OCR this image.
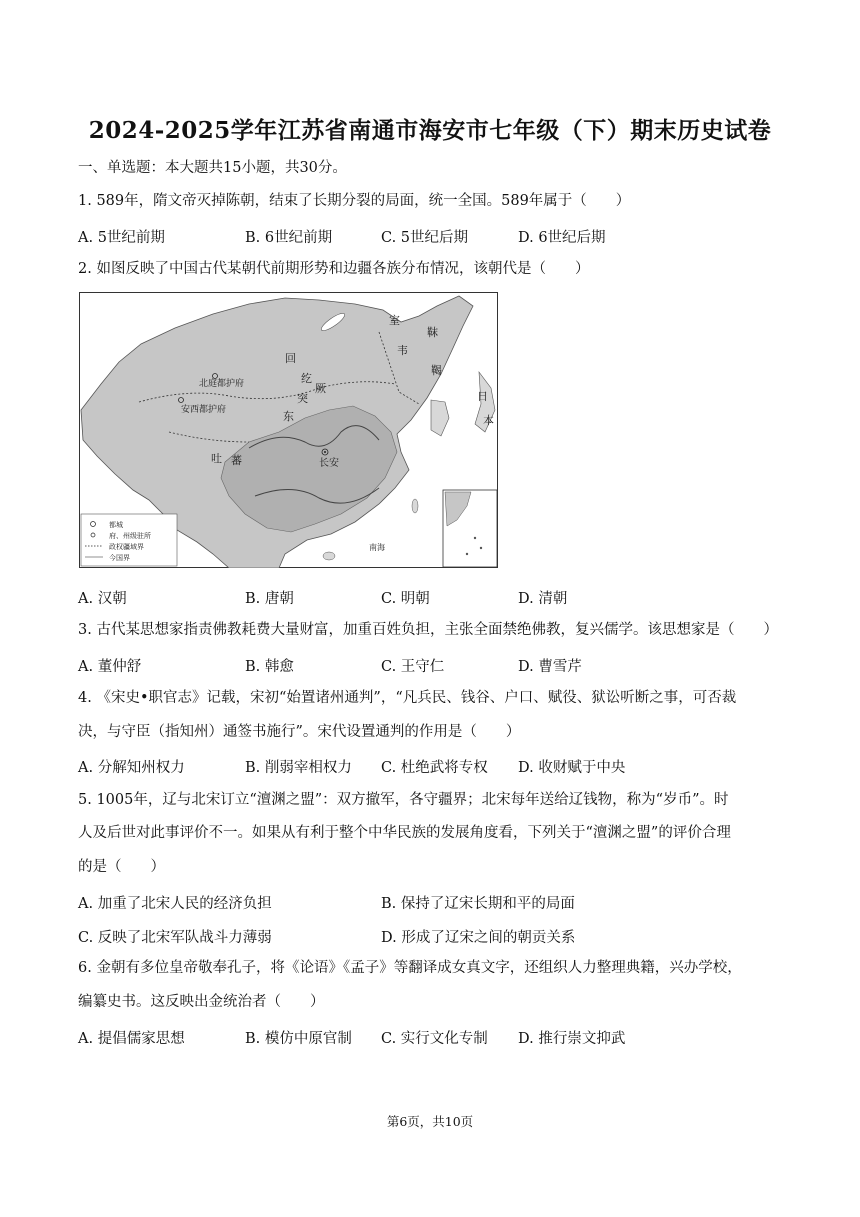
2024-2025学年江苏省南通市海安市七年级（下）期末历史试卷
一、单选题：本大题共15小题，共30分。
1. 589年，隋文帝灭掉陈朝，结束了长期分裂的局面，统一全国。589年属于（　　）
A. 5世纪前期	B. 6世纪前期	C. 5世纪后期	D. 6世纪后期
2. 如图反映了中国古代某朝代前期形势和边疆各族分布情况，该朝代是（　　）
回
纥
东
突
厥
吐 蕃
室
韦
靺
鞨
日
本
北庭都护府
安西都护府
长安
南海
都城
府、州级驻所
政权疆域界
今国界
A. 汉朝	B. 唐朝	C. 明朝	D. 清朝
3. 古代某思想家指责佛教耗费大量财富，加重百姓负担，主张全面禁绝佛教，复兴儒学。该思想家是（　　）
A. 董仲舒	B. 韩愈	C. 王守仁	D. 曹雪芹
4. 《宋史•职官志》记载，宋初“始置诸州通判”，“凡兵民、钱谷、户口、赋役、狱讼听断之事，可否裁
决，与守臣（指知州）通签书施行”。宋代设置通判的作用是（　　）
A. 分解知州权力	B. 削弱宰相权力 C. 杜绝武将专权 D. 收财赋于中央
5. 1005年，辽与北宋订立“澶渊之盟”：双方撤军，各守疆界；北宋每年送给辽钱物，称为“岁币”。时
人及后世对此事评价不一。如果从有利于整个中华民族的发展角度看，下列关于“澶渊之盟”的评价合理
的是（　　）
A. 加重了北宋人民的经济负担	B. 保持了辽宋长期和平的局面
C. 反映了北宋军队战斗力薄弱	D. 形成了辽宋之间的朝贡关系
6. 金朝有多位皇帝敬奉孔子，将《论语》《孟子》等翻译成女真文字，还组织人力整理典籍，兴办学校，
编纂史书。这反映出金统治者（　　）
A. 提倡儒家思想	B. 模仿中原官制 C. 实行文化专制 D. 推行崇文抑武
第6页，共10页
